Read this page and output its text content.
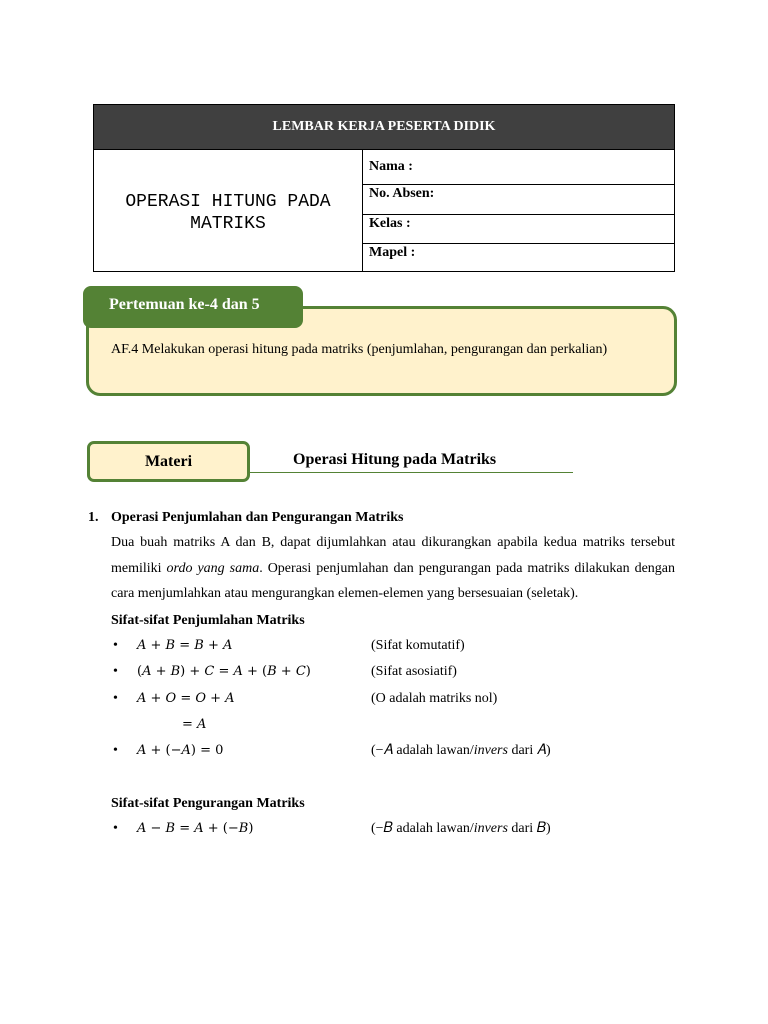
LEMBAR KERJA PESERTA DIDIK
OPERASI HITUNG PADA
MATRIKS
Nama :
No. Absen:
Kelas :
Mapel :
Pertemuan ke-4 dan 5
AF.4 Melakukan operasi hitung pada matriks (penjumlahan, pengurangan dan perkalian)
Materi	Operasi Hitung pada Matriks
1. Operasi Penjumlahan dan Pengurangan Matriks
Dua buah matriks A dan B, dapat dijumlahkan atau dikurangkan apabila kedua matriks tersebut memiliki ordo yang sama. Operasi penjumlahan dan pengurangan pada matriks dilakukan dengan cara menjumlahkan atau mengurangkan elemen-elemen yang bersesuaian (seletak).
Sifat-sifat Penjumlahan Matriks
• 𝐴 + 𝐵 = 𝐵 + 𝐴	(Sifat komutatif)
• (𝐴 + 𝐵) + 𝐶 = 𝐴 + (𝐵 + 𝐶)	(Sifat asosiatif)
• 𝐴 + 𝑂 = 𝑂 + 𝐴	(O adalah matriks nol)
= 𝐴
• 𝐴 + (−𝐴) = 0	(−𝐴 adalah lawan/invers dari 𝐴)
Sifat-sifat Pengurangan Matriks
• 𝐴 − 𝐵 = 𝐴 + (−𝐵)	(−𝐵 adalah lawan/invers dari 𝐵)
